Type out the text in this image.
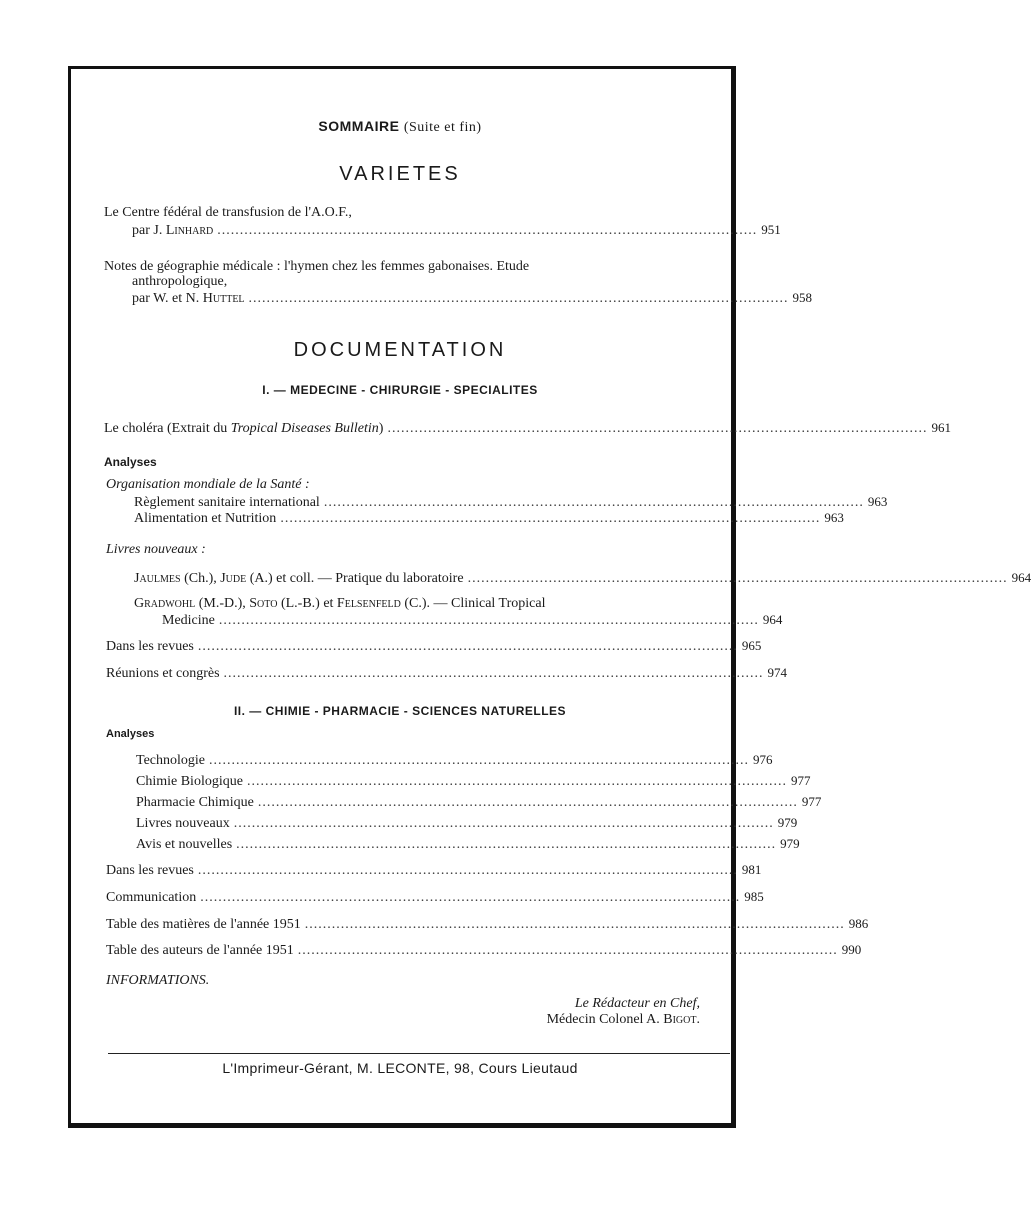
SOMMAIRE (Suite et fin)
VARIETES
Le Centre fédéral de transfusion de l'A.O.F.,
par J. Linhard ........................................................................................................................ 951
Notes de géographie médicale : l'hymen chez les femmes gabonaises. Etude
anthropologique,
par W. et N. Huttel ........................................................................................................................ 958
DOCUMENTATION
I. — MEDECINE - CHIRURGIE - SPECIALITES
Le choléra (Extrait du Tropical Diseases Bulletin) ........................................................................................................................ 961
Analyses
Organisation mondiale de la Santé :
Règlement sanitaire international ........................................................................................................................ 963
Alimentation et Nutrition ........................................................................................................................ 963
Livres nouveaux :
Jaulmes (Ch.), Jude (A.) et coll. — Pratique du laboratoire ........................................................................................................................ 964
Gradwohl (M.-D.), Soto (L.-B.) et Felsenfeld (C.). — Clinical Tropical
Medicine ........................................................................................................................ 964
Dans les revues ........................................................................................................................ 965
Réunions et congrès ........................................................................................................................ 974
II. — CHIMIE - PHARMACIE - SCIENCES NATURELLES
Analyses
Technologie ........................................................................................................................ 976
Chimie Biologique ........................................................................................................................ 977
Pharmacie Chimique ........................................................................................................................ 977
Livres nouveaux ........................................................................................................................ 979
Avis et nouvelles ........................................................................................................................ 979
Dans les revues ........................................................................................................................ 981
Communication ........................................................................................................................ 985
Table des matières de l'année 1951 ........................................................................................................................ 986
Table des auteurs de l'année 1951 ........................................................................................................................ 990
INFORMATIONS.
Le Rédacteur en Chef,
Médecin Colonel A. Bigot.
L'Imprimeur-Gérant, M. LECONTE, 98, Cours Lieutaud
